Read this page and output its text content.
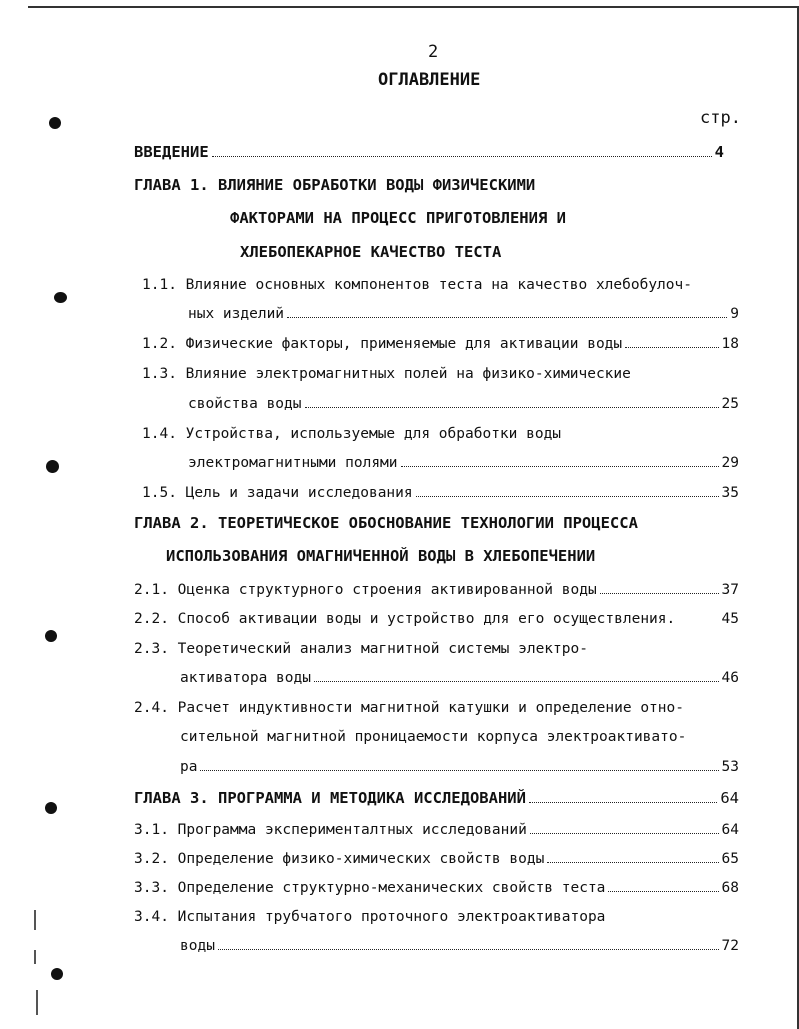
2
ОГЛАВЛЕНИЕ
стр.
ВВЕДЕНИЕ	4
ГЛАВА 1. ВЛИЯНИЕ ОБРАБОТКИ ВОДЫ ФИЗИЧЕСКИМИ
ФАКТОРАМИ НА ПРОЦЕСС ПРИГОТОВЛЕНИЯ И
ХЛЕБОПЕКАРНОЕ КАЧЕСТВО ТЕСТА
1.1. Влияние основных компонентов теста на качество хлебобулоч-
ных изделий	9
1.2. Физические факторы, применяемые для активации воды	18
1.3. Влияние электромагнитных полей на физико-химические
свойства воды	25
1.4. Устройства, используемые для обработки воды
электромагнитными полями	29
1.5. Цель и задачи исследования	35
ГЛАВА 2. ТЕОРЕТИЧЕСКОЕ ОБОСНОВАНИЕ ТЕХНОЛОГИИ ПРОЦЕССА
ИСПОЛЬЗОВАНИЯ ОМАГНИЧЕННОЙ ВОДЫ В ХЛЕБОПЕЧЕНИИ
2.1. Оценка структурного строения активированной воды	37
2.2. Способ активации воды и устройство для его осуществления.	45
2.3. Теоретический анализ магнитной системы электро-
активатора воды	46
2.4. Расчет индуктивности магнитной катушки и определение отно-
сительной магнитной проницаемости корпуса электроактивато-
ра	53
ГЛАВА 3. ПРОГРАММА И МЕТОДИКА ИССЛЕДОВАНИЙ	64
3.1. Программа экспериментaлтных исследований	64
3.2. Определение физико-химических свойств воды	65
3.3. Определение структурно-механических свойств теста	68
3.4. Испытания трубчатого проточного электроактиватора
воды	72
